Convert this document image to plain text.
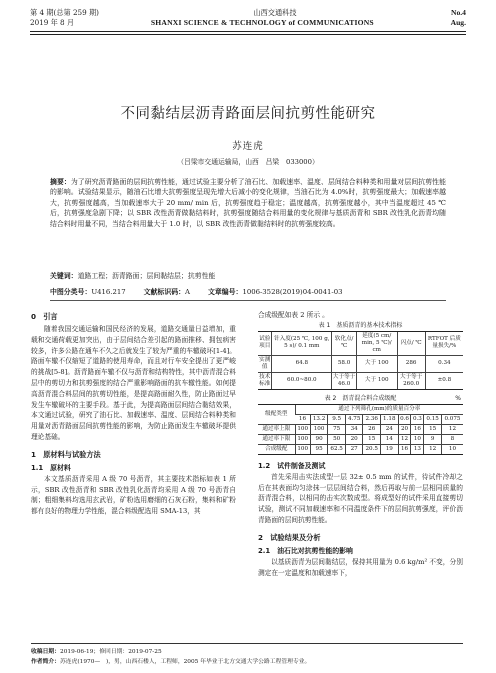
第 4 期(总第 259 期)	山西交通科技	No.4
2019 年 8 月	SHANXI SCIENCE & TECHNOLOGY of COMMUNICATIONS	Aug.
不同黏结层沥青路面层间抗剪性能研究
苏连虎
（吕梁市交通运输局，山西　吕梁　033000）
摘要：为了研究沥青路面的层间抗剪性能，通过试验主要分析了油石比、加载速率、温度、层间结合料种类和用量对层间抗剪性能的影响。试验结果显示，随油石比增大抗剪强度呈现先增大后减小的变化规律，当油石比为 4.0%时，抗剪强度最大；加载速率越大，抗剪强度越高，当加载速率大于 20 mm/ min 后，抗剪强度趋于稳定；温度越高，抗剪强度越小，其中当温度超过 45 ℃后，抗剪强度急剧下降；以 SBR 改性沥青做黏结料时，抗剪强度随结合料用量的变化规律与基质沥青和 SBR 改性乳化沥青均随结合料时用量不同，当结合料用量大于 1.0 时，以 SBR 改性沥青做黏结料时的抗剪强度较高。
关键词：道路工程；沥青路面；层间黏结层；抗剪性能
中图分类号：U416.217	文献标识码：A	文章编号：1006-3528(2019)04-0041-03
0　引言
随着我国交通运输和国民经济的发展，道路交通量日益增加，重载和交通荷载更加突出，由于层间结合差引起的路面推移、拥包病害较多，许多公路在通车不久之后就发生了较为严重的车辙破坏[1-4]。路面车辙不仅缩短了道路的使用寿命，而且对行车安全提出了更严峻的挑战[5-8]。沥青路面车辙不仅与沥青和结构特性，其中沥青混合料层中的剪切力和抗剪强度的结合严重影响路面的抗车辙性能。如何提高沥青混合料层间的抗剪切性能，是提高路面耐久性，防止路面过早发生车辙破坏的主要手段。基于此，为提高路面层间结合黏结效果，本文通过试验，研究了油石比、加载速率、温度、层间结合料种类和用量对沥青路面层间抗剪性能的影响，为防止路面发生车辙破坏提供理论基础。
1　原材料与试验方法
1.1　原材料
本文基质沥青采用 A 级 70 号沥青，其主要技术指标如表 1 所示，SBR 改性沥青和 SBR 改性乳化沥青均采用 A 级 70 号沥青自制；粗细集料均选用玄武岩，矿粉选用磨细的石灰石粉，集料和矿粉都有良好的物理力学性能，混合料级配选用 SMA-13，其
合成级配如表 2 所示 。
表 1　基质沥青的基本技术指标
试验项目	针入度(25 ℃, 100 g, 5 s)/ 0.1 mm	软化点/ ℃	延度(5 cm/ min, 5 ℃)/ cm	闪点/ ℃	RTFOT 后质量损失/%
实测值	64.8	58.0	大于 100	286	0.34
技术标准	60.0~80.0	大于等于 46.0	大于 100	大于等于 260.0	±0.8
表 2　沥青混合料合成级配	%
级配类型	通过下列筛孔(mm)的质量百分率									
	16	13.2	9.5	4.75	2.36	1.18	0.6	0.3	0.15	0.075
通过率上限	100	100	75	34	26	24	20	16	15	12
通过率下限	100	90	50	20	15	14	12	10	9	8
合成级配	100	95	62.5	27	20.5	19	16	13	12	10
1.2　试件制备及测试
首先采用击实法成型一层 32± 0.5 mm 的试件，待试件冷却之后在其表面均匀涂抹一层层间结合料，然后再取与前一层相同质量的沥青混合料，以相同的击实次数成型。将成型好的试件采用直接剪切试验，测试不同加载速率和不同温度条件下的层间抗剪强度，评价沥青路面的层间抗剪性能。
2　试验结果及分析
2.1　油石比对抗剪性能的影响
以基质沥青为层间黏结层，保持其用量为 0.6 kg/m² 不变，分别测定在一定温度和加载速率下，
收稿日期：2019-06-19；修回日期：2019-07-25
作者简介：苏连虎(1970—　)，男，山西石楼人，工程师，2005 年毕业于北方交通大学公路工程管理专业。
